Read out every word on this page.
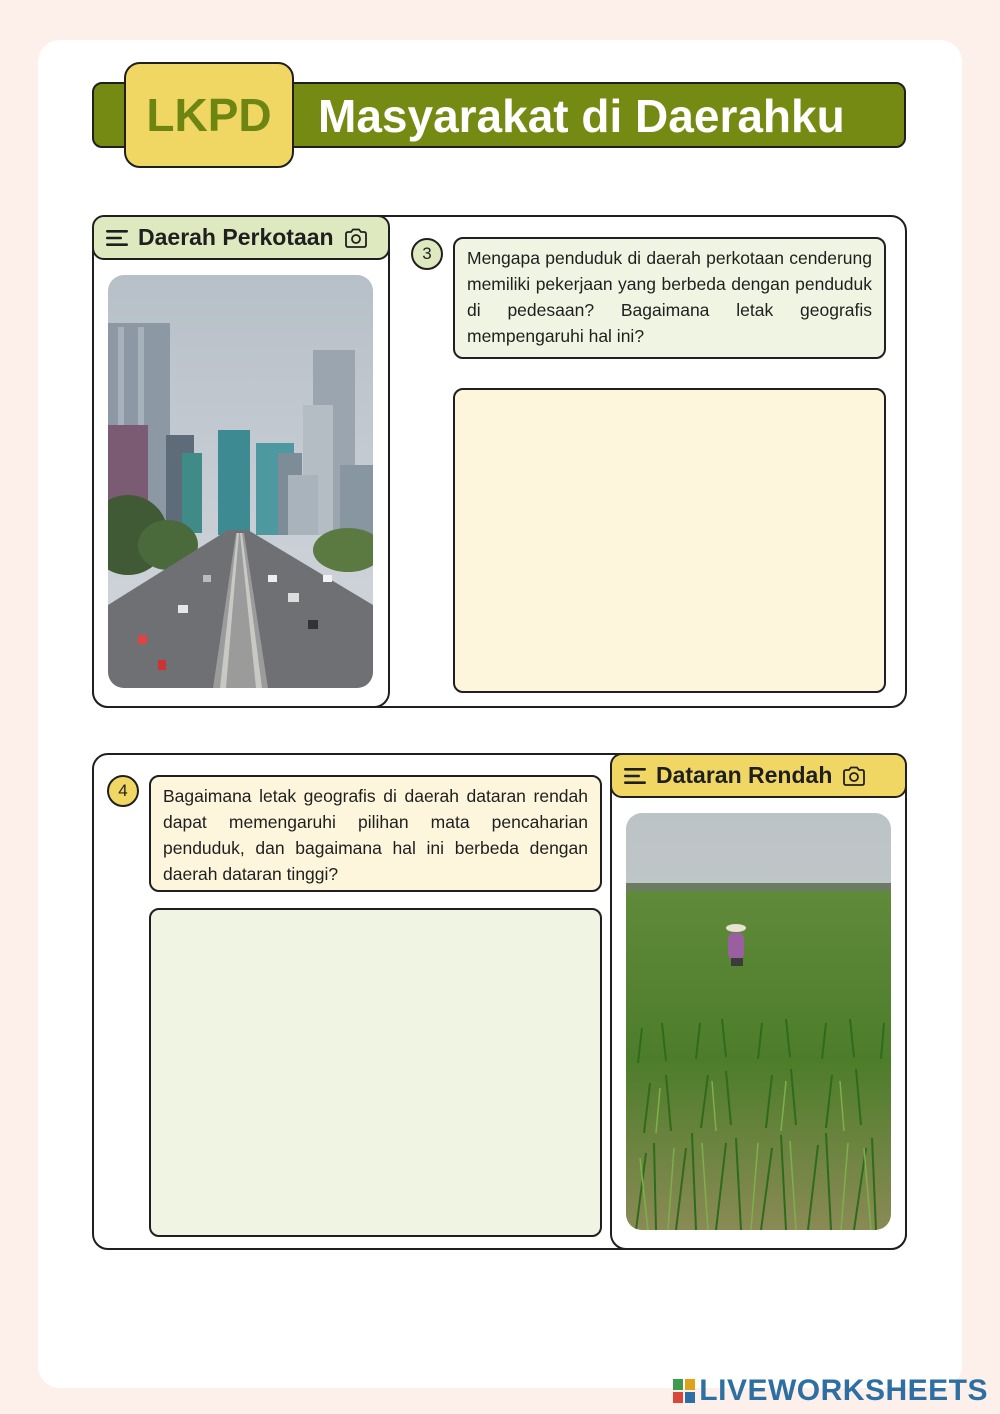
Masyarakat di Daerahku
LKPD
Daerah Perkotaan
3	Mengapa penduduk di daerah perkotaan cenderung memiliki pekerjaan yang berbeda dengan penduduk di pedesaan? Bagaimana letak geografis mempengaruhi hal ini?
Dataran Rendah
4	Bagaimana letak geografis di daerah dataran rendah dapat memengaruhi pilihan mata pencaharian penduduk, dan bagaimana hal ini berbeda dengan daerah dataran tinggi?
LIVEWORKSHEETS
